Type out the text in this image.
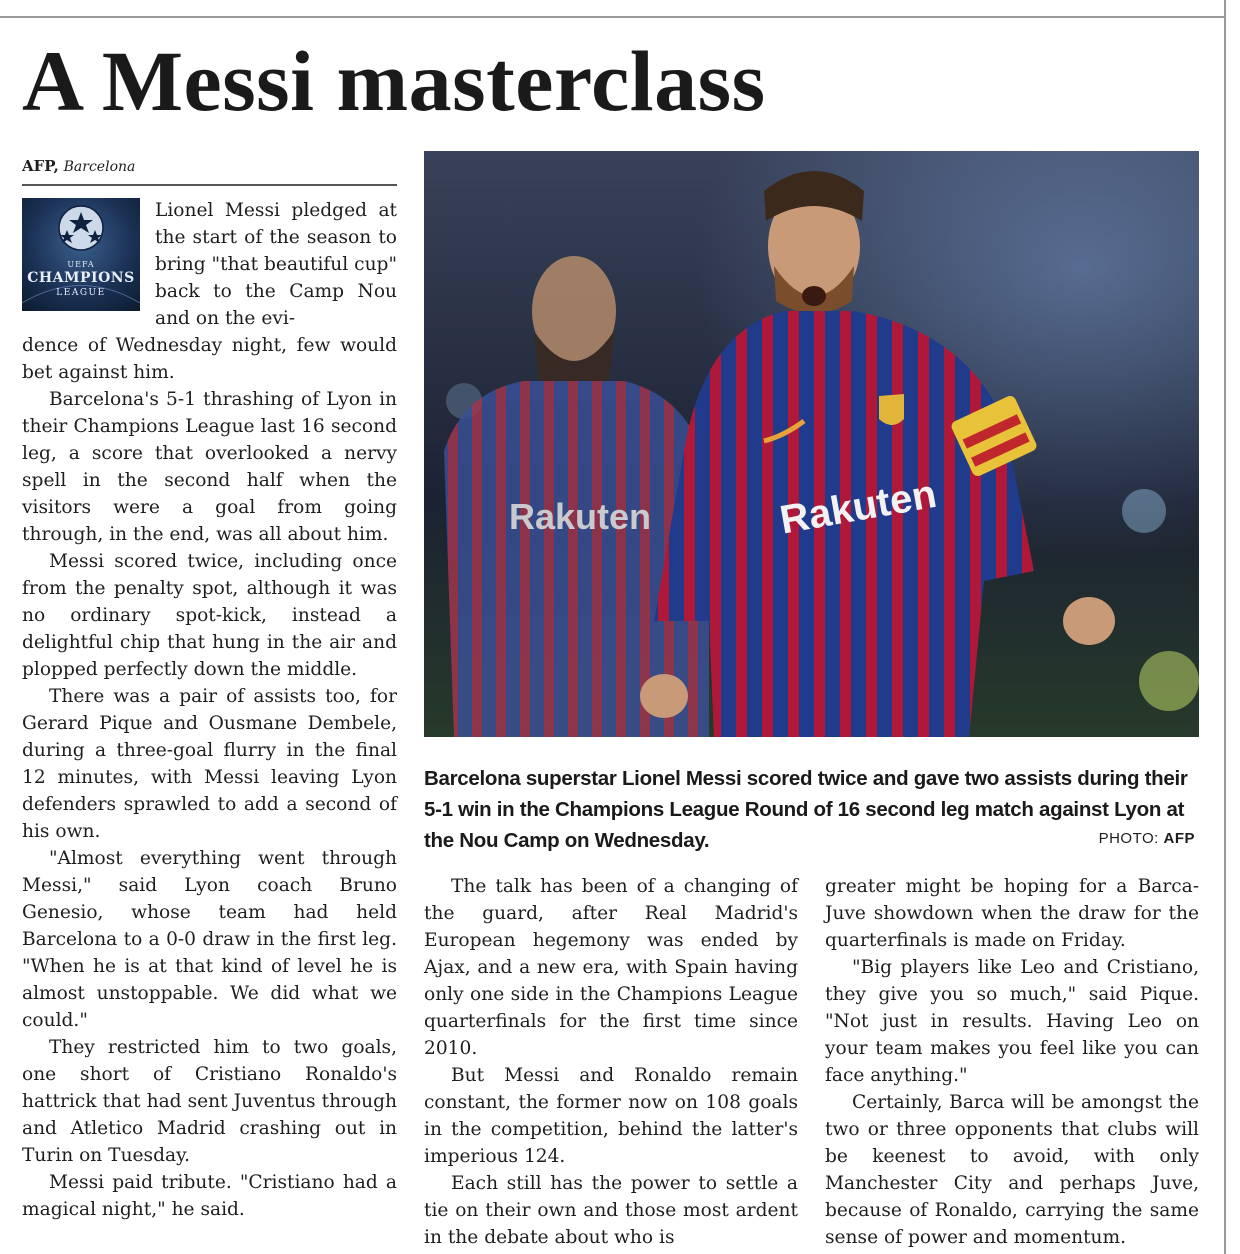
A Messi masterclass
AFP, Barcelona
UEFA
CHAMPIONS
LEAGUE

Lionel Messi pledged at the start of the season to bring "that beautiful cup" back to the Camp Nou and on the evi-

dence of Wednesday night, few would bet against him.

Barcelona's 5-1 thrashing of Lyon in their Champions League last 16 second leg, a score that overlooked a nervy spell in the second half when the visitors were a goal from going through, in the end, was all about him.

Messi scored twice, including once from the penalty spot, although it was no ordinary spot-kick, instead a delightful chip that hung in the air and plopped perfectly down the middle.

There was a pair of assists too, for Gerard Pique and Ousmane Dembele, during a three-goal flurry in the final 12 minutes, with Messi leaving Lyon defenders sprawled to add a second of his own.

"Almost everything went through Messi," said Lyon coach Bruno Genesio, whose team had held Barcelona to a 0-0 draw in the first leg. "When he is at that kind of level he is almost unstoppable. We did what we could."

They restricted him to two goals, one short of Cristiano Ronaldo's hattrick that had sent Juventus through and Atletico Madrid crashing out in Turin on Tuesday.

Messi paid tribute. "Cristiano had a magical night," he said.

Rakuten	Rakuten
Barcelona superstar Lionel Messi scored twice and gave two assists during their 5-1 win in the Champions League Round of 16 second leg match against Lyon at the Nou Camp on Wednesday.	PHOTO: AFP

The talk has been of a changing of the guard, after Real Madrid's European hegemony was ended by Ajax, and a new era, with Spain having only one side in the Champions League quarterfinals for the first time since 2010.

But Messi and Ronaldo remain constant, the former now on 108 goals in the competition, behind the latter's imperious 124.

Each still has the power to settle a tie on their own and those most ardent in the debate about who is

greater might be hoping for a Barca-Juve showdown when the draw for the quarterfinals is made on Friday.

"Big players like Leo and Cristiano, they give you so much," said Pique. "Not just in results. Having Leo on your team makes you feel like you can face anything."

Certainly, Barca will be amongst the two or three opponents that clubs will be keenest to avoid, with only Manchester City and perhaps Juve, because of Ronaldo, carrying the same sense of power and momentum.
